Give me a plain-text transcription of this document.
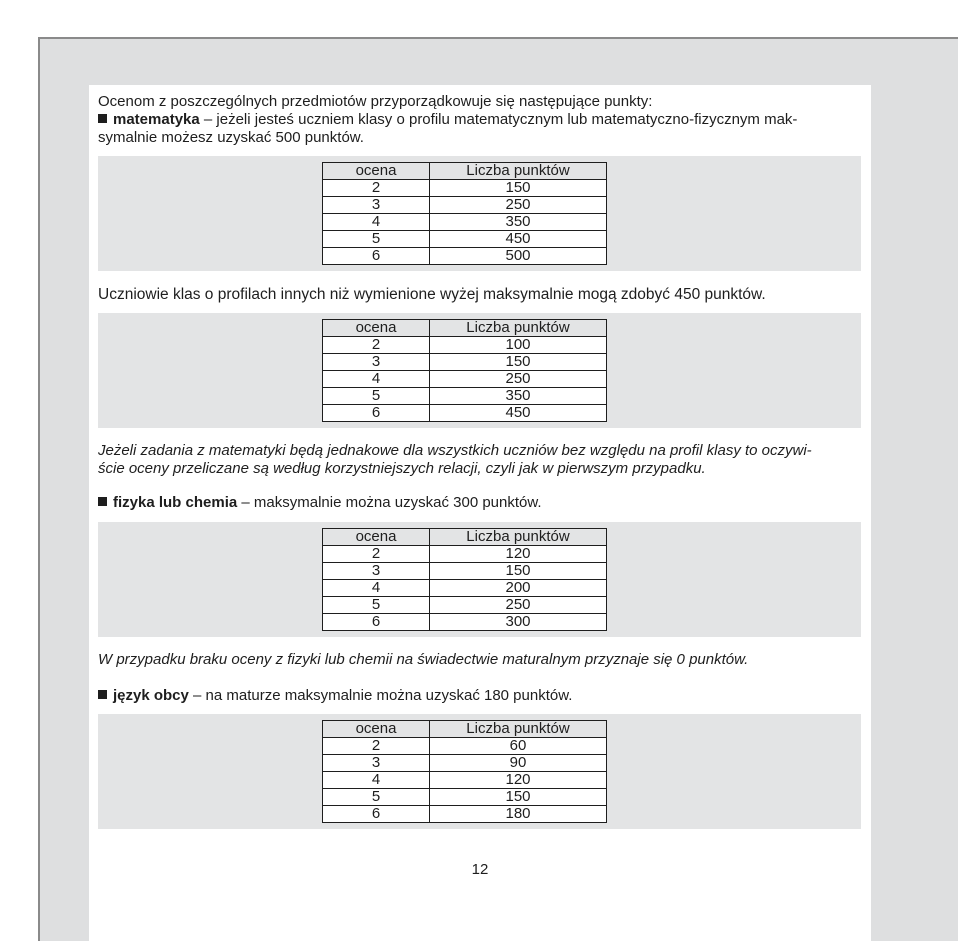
12
Ocenom z poszczególnych przedmiotów przyporządkowuje się następujące punkty:
matematyka – jeżeli jesteś uczniem klasy o profilu matematycznym lub matematyczno-fizycznym mak-
symalnie możesz uzyskać 500 punktów.
ocena	Liczba punktów
2	150
3	250
4	350
5	450
6	500
Uczniowie klas o profilach innych niż wymienione wyżej maksymalnie mogą zdobyć 450 punktów.
ocena	Liczba punktów
2	100
3	150
4	250
5	350
6	450
Jeżeli zadania z matematyki będą jednakowe dla wszystkich uczniów bez względu na profil klasy to oczywi-
ście oceny przeliczane są według korzystniejszych relacji, czyli jak w pierwszym przypadku.
fizyka lub chemia – maksymalnie można uzyskać 300 punktów.
ocena	Liczba punktów
2	120
3	150
4	200
5	250
6	300
W przypadku braku oceny z fizyki lub chemii na świadectwie maturalnym przyznaje się 0 punktów.
język obcy – na maturze maksymalnie można uzyskać 180 punktów.
ocena	Liczba punktów
2	60
3	90
4	120
5	150
6	180
